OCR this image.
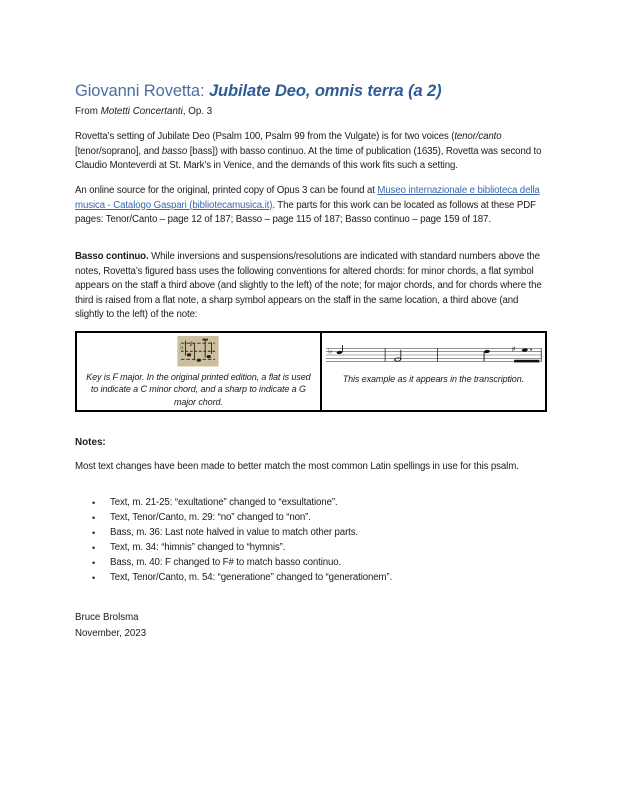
Giovanni Rovetta: Jubilate Deo, omnis terra (a 2)
From Motetti Concertanti, Op. 3

Rovetta’s setting of Jubilate Deo (Psalm 100, Psalm 99 from the Vulgate) is for two voices (tenor/canto [tenor/soprano], and basso [bass]) with basso continuo. At the time of publication (1635), Rovetta was second to Claudio Monteverdi at St. Mark’s in Venice, and the demands of this work fits such a setting.

An online source for the original, printed copy of Opus 3 can be found at Museo internazionale e biblioteca della musica - Catalogo Gaspari (bibliotecamusica.it). The parts for this work can be located as follows at these PDF pages: Tenor/Canto – page 12 of 187; Basso – page 115 of 187; Basso continuo – page 159 of 187.

Basso continuo. While inversions and suspensions/resolutions are indicated with standard numbers above the notes, Rovetta’s figured bass uses the following conventions for altered chords: for minor chords, a flat symbol appears on the staff a third above (and slightly to the left) of the note; for major chords, and for chords where the third is raised from a flat note, a sharp symbol appears on the staff in the same location, a third above (and slightly to the left) of the note:

♭ ♯
Key is F major. In the original printed edition, a flat is used to indicate a C minor chord, and a sharp to indicate a G major chord.
♭	♯
This example as it appears in the transcription.
Notes:

Most text changes have been made to better match the most common Latin spellings in use for this psalm.

•	Text, m. 21-25: “exultatione” changed to “exsultatione”.
•	Text, Tenor/Canto, m. 29: “no” changed to “non”.
•	Bass, m. 36: Last note halved in value to match other parts.
•	Text, m. 34: “himnis” changed to “hymnis”.
•	Bass, m. 40: F changed to F# to match basso continuo.
•	Text, Tenor/Canto, m. 54: “generatione” changed to “generationem”.
Bruce Brolsma
November, 2023
